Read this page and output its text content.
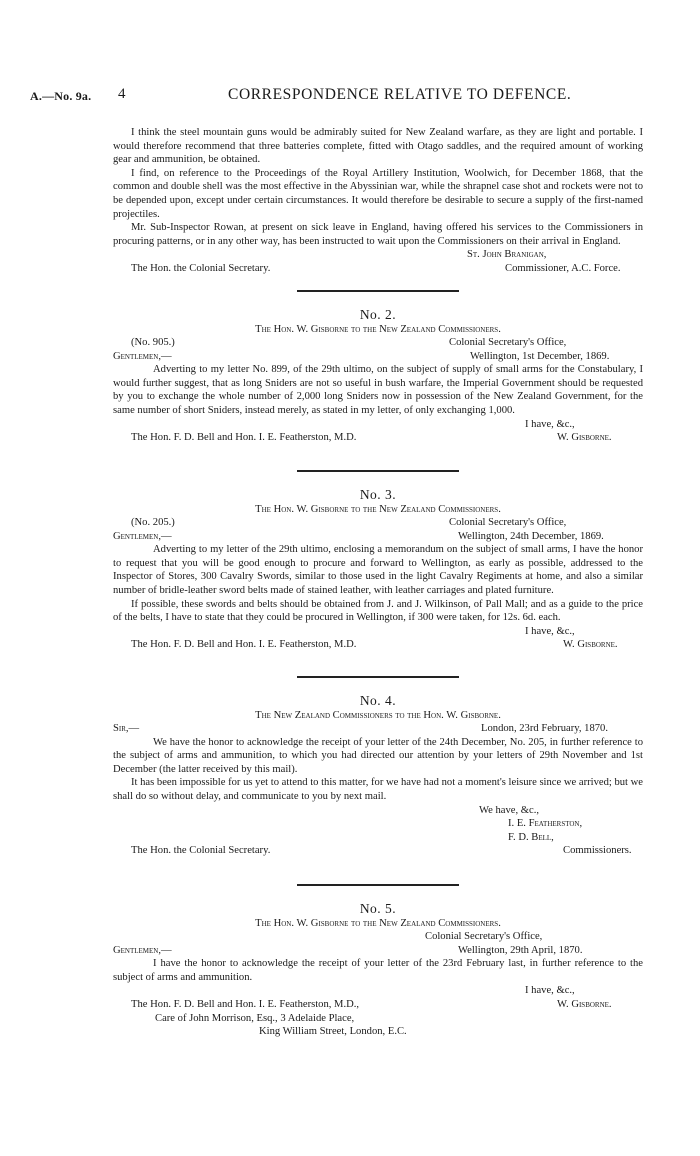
A.—No. 9a. 4	CORRESPONDENCE RELATIVE TO DEFENCE.

I think the steel mountain guns would be admirably suited for New Zealand warfare, as they are light and portable. I would therefore recommend that three batteries complete, fitted with Otago saddles, and the required amount of working gear and ammunition, be obtained.

I find, on reference to the Proceedings of the Royal Artillery Institution, Woolwich, for December 1868, that the common and double shell was the most effective in the Abyssinian war, while the shrapnel case shot and rockets were not to be depended upon, except under certain circumstances. It would therefore be desirable to secure a supply of the first-named projectiles.

Mr. Sub-Inspector Rowan, at present on sick leave in England, having offered his services to the Commissioners in procuring patterns, or in any other way, has been instructed to wait upon the Commissioners on their arrival in England.

St. John Branigan,
The Hon. the Colonial Secretary.	Commissioner, A.C. Force.
No. 2.
The Hon. W. Gisborne to the New Zealand Commissioners.
(No. 905.)	Colonial Secretary's Office,
Gentlemen,—	Wellington, 1st December, 1869.

Adverting to my letter No. 899, of the 29th ultimo, on the subject of supply of small arms for the Constabulary, I would further suggest, that as long Sniders are not so useful in bush warfare, the Imperial Government should be requested by you to exchange the whole number of 2,000 long Sniders now in possession of the New Zealand Government, for the same number of short Sniders, instead merely, as stated in my letter, of only exchanging 1,000.

I have, &c.,
The Hon. F. D. Bell and Hon. I. E. Featherston, M.D.	W. Gisborne.
No. 3.
The Hon. W. Gisborne to the New Zealand Commissioners.
(No. 205.)	Colonial Secretary's Office,
Gentlemen,—	Wellington, 24th December, 1869.

Adverting to my letter of the 29th ultimo, enclosing a memorandum on the subject of small arms, I have the honor to request that you will be good enough to procure and forward to Wellington, as early as possible, addressed to the Inspector of Stores, 300 Cavalry Swords, similar to those used in the light Cavalry Regiments at home, and also a similar number of bridle-leather sword belts made of stained leather, with leather carriages and plated furniture.

If possible, these swords and belts should be obtained from J. and J. Wilkinson, of Pall Mall; and as a guide to the price of the belts, I have to state that they could be procured in Wellington, if 300 were taken, for 12s. 6d. each.

I have, &c.,
The Hon. F. D. Bell and Hon. I. E. Featherston, M.D.	W. Gisborne.
No. 4.
The New Zealand Commissioners to the Hon. W. Gisborne.
Sir,—	London, 23rd February, 1870.

We have the honor to acknowledge the receipt of your letter of the 24th December, No. 205, in further reference to the subject of arms and ammunition, to which you had directed our attention by your letters of 29th November and 1st December (the latter received by this mail).

It has been impossible for us yet to attend to this matter, for we have had not a moment's leisure since we arrived; but we shall do so without delay, and communicate to you by next mail.

We have, &c.,
I. E. Featherston,
F. D. Bell,
The Hon. the Colonial Secretary.	Commissioners.
No. 5.
The Hon. W. Gisborne to the New Zealand Commissioners.
Colonial Secretary's Office,
Gentlemen,—	Wellington, 29th April, 1870.

I have the honor to acknowledge the receipt of your letter of the 23rd February last, in further reference to the subject of arms and ammunition.

I have, &c.,
The Hon. F. D. Bell and Hon. I. E. Featherston, M.D.,	W. Gisborne.
Care of John Morrison, Esq., 3 Adelaide Place,
King William Street, London, E.C.
